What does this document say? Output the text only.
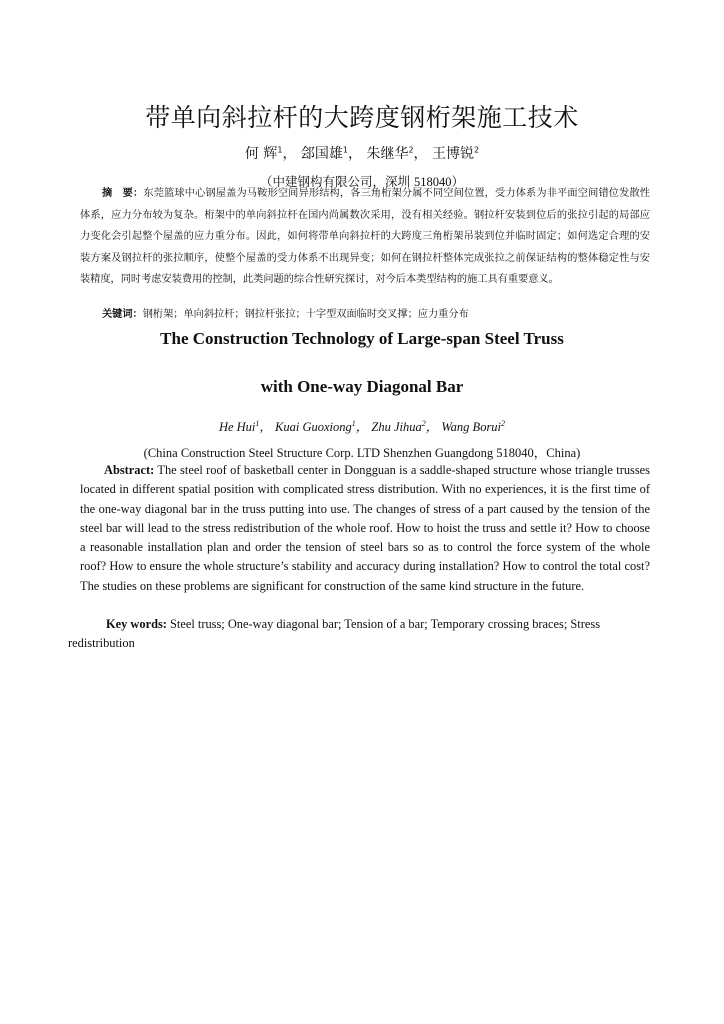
带单向斜拉杆的大跨度钢桁架施工技术
何 辉$^1$， 郐国雄$^1$， 朱继华$^2$， 王博锐$^2$
（中建钢构有限公司，深圳 518040）
摘　要：东莞篮球中心钢屋盖为马鞍形空间异形结构，各三角桁架分属不同空间位置，受力体系为非平面空间错位发散性体系，应力分布较为复杂。桁架中的单向斜拉杆在国内尚属数次采用，没有相关经验。钢拉杆安装到位后的张拉引起的局部应力变化会引起整个屋盖的应力重分布。因此，如何将带单向斜拉杆的大跨度三角桁架吊装到位并临时固定；如何选定合理的安装方案及钢拉杆的张拉顺序，使整个屋盖的受力体系不出现异变；如何在钢拉杆整体完成张拉之前保证结构的整体稳定性与安装精度，同时考虑安装费用的控制，此类问题的综合性研究探讨，对今后本类型结构的施工具有重要意义。
关键词：钢桁架；单向斜拉杆；钢拉杆张拉；十字型双面临时交叉撑；应力重分布
The Construction Technology of Large-span Steel Truss
with One-way Diagonal Bar
He Hui$^1$， Kuai Guoxiong$^1$， Zhu Jihua$^2$， Wang Borui$^2$
(China Construction Steel Structure Corp. LTD Shenzhen Guangdong 518040，China)
Abstract: The steel roof of basketball center in Dongguan is a saddle-shaped structure whose triangle trusses located in different spatial position with complicated stress distribution. With no experiences, it is the first time of the one-way diagonal bar in the truss putting into use. The changes of stress of a part caused by the tension of the steel bar will lead to the stress redistribution of the whole roof. How to hoist the truss and settle it? How to choose a reasonable installation plan and order the tension of steel bars so as to control the force system of the whole roof? How to ensure the whole structure’s stability and accuracy during installation? How to control the total cost? The studies on these problems are significant for construction of the same kind structure in the future.
Key words: Steel truss; One-way diagonal bar; Tension of a bar; Temporary crossing braces; Stress redistribution
